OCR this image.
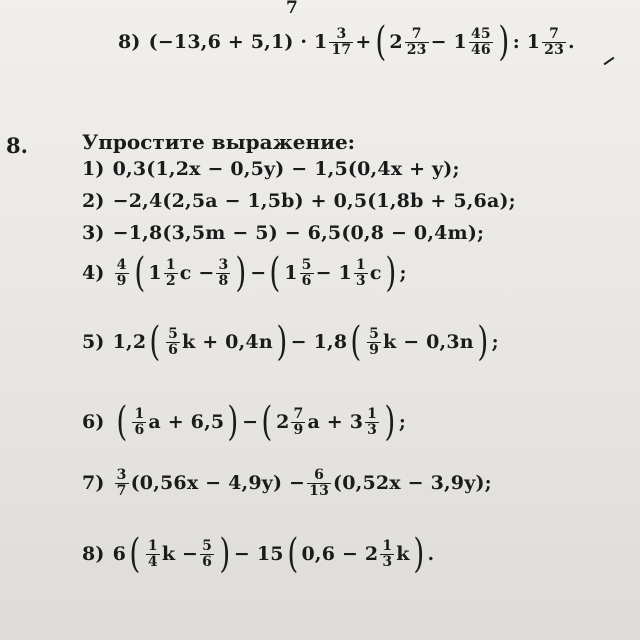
7
8) $(-13,6 + 5,1) \cdot 1 \frac{3}{17}$ + ( $2 \frac{7}{23} - 1 \frac{45}{46}$ ) : $1 \frac{7}{23}$ .
8.	Упростите выражение:
1) 0,3(1,2x − 0,5y) − 1,5(0,4x + y);
2) −2,4(2,5a − 1,5b) + 0,5(1,8b + 5,6a);
3) −1,8(3,5m − 5) − 6,5(0,8 − 0,4m);
$4) \frac{4}{9}$ ( $1 \frac{1}{2}$ $c - \frac{3}{8}$ ) − ( $1 \frac{5}{6} - 1 \frac{1}{3}$ c ) ;
5) 1,2 ( $\frac{5}{6}$ k + 0,4n ) − 1,8 ( $\frac{5}{9}$ k − 0,3n ) ;
6) ( $\frac{1}{6}$ a + 6,5 ) − ( $2 \frac{7}{9}$ $a + 3 \frac{1}{3}$ ) ;
$7) \frac{3}{7} (0,56x - 4,9y) - \frac{6}{13} (0,52x - 3,9y)$;
8) 6 ( $\frac{1}{4}$ $k - \frac{5}{6}$ ) − 15 ( $0,6 - 2 \frac{1}{3}$ k ) .
